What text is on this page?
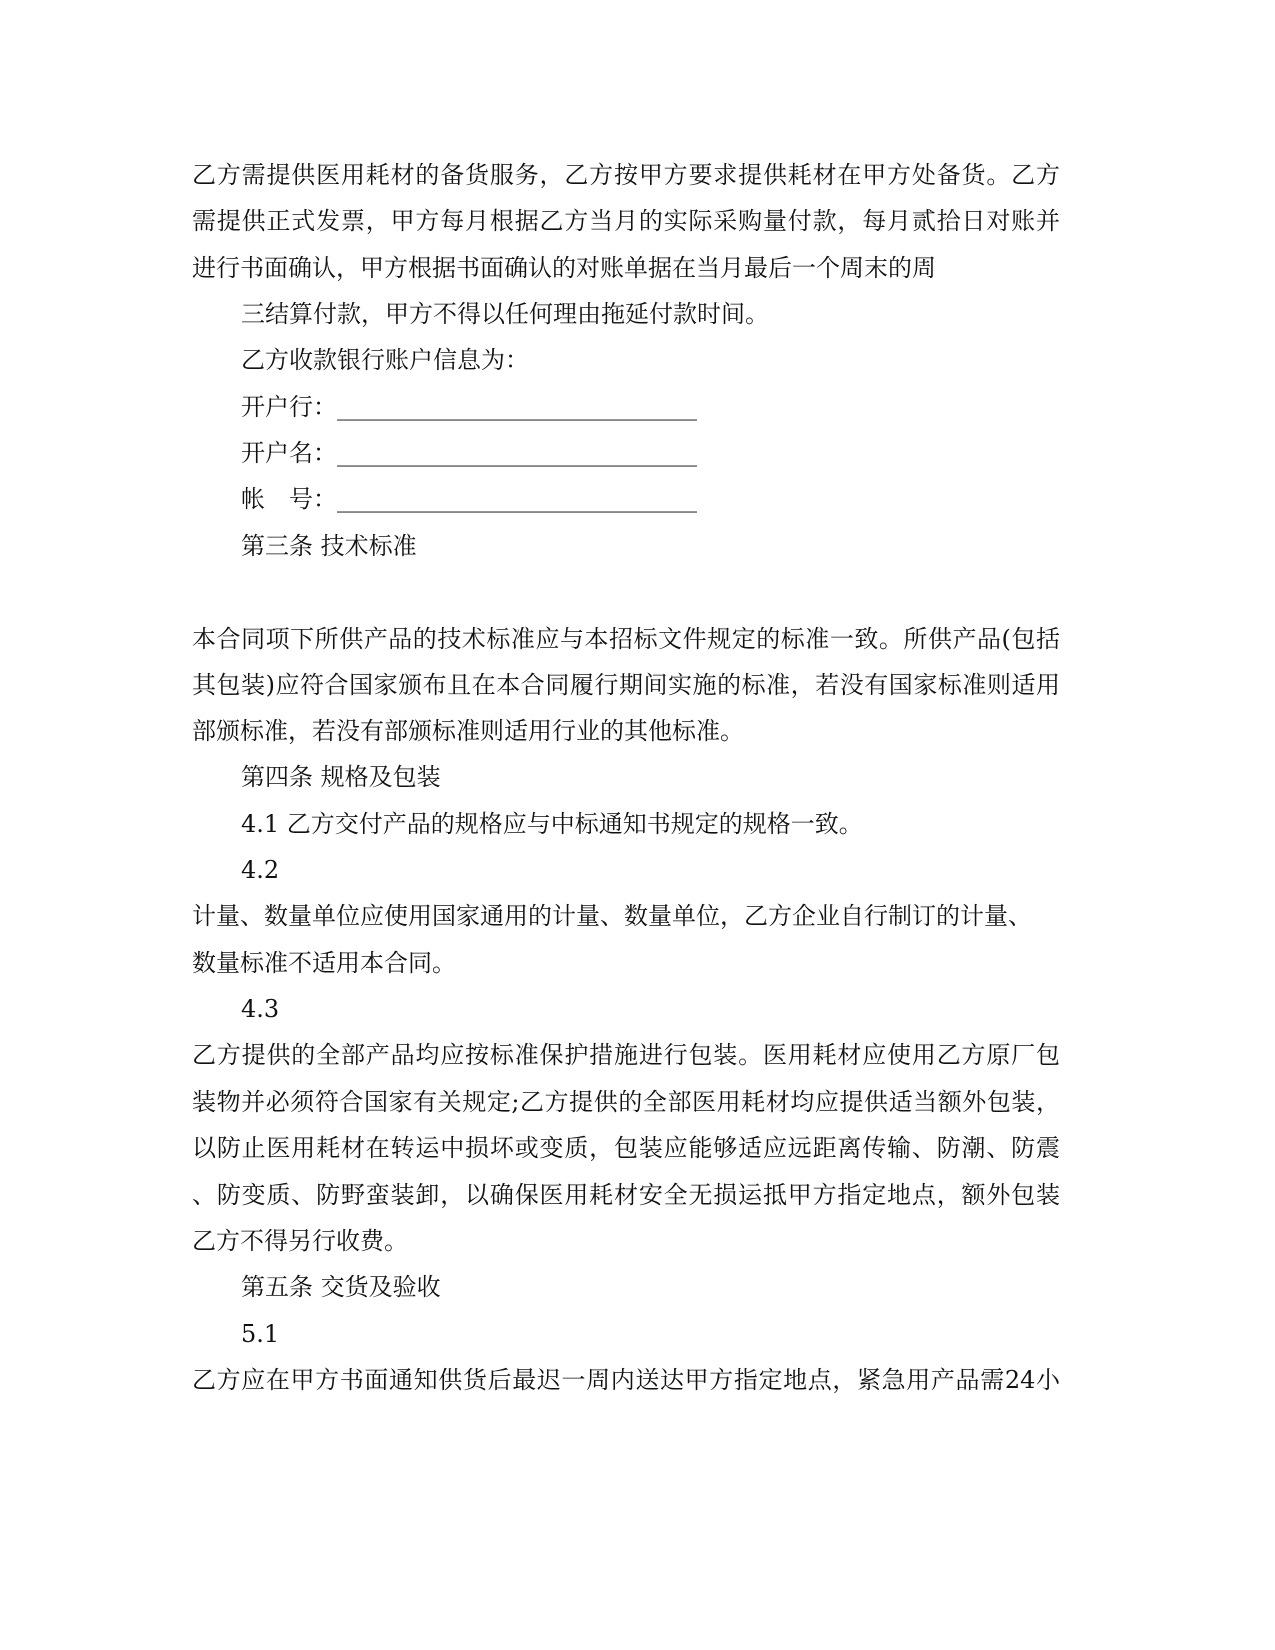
乙方需提供医用耗材的备货服务，乙方按甲方要求提供耗材在甲方处备货。乙方
需提供正式发票，甲方每月根据乙方当月的实际采购量付款，每月贰拾日对账并
进行书面确认，甲方根据书面确认的对账单据在当月最后一个周末的周
三结算付款，甲方不得以任何理由拖延付款时间。
乙方收款银行账户信息为：
开户行：______________________________
开户名：______________________________
帐　号：______________________________
第三条 技术标准
本合同项下所供产品的技术标准应与本招标文件规定的标准一致。所供产品(包括
其包装)应符合国家颁布且在本合同履行期间实施的标准，若没有国家标准则适用
部颁标准，若没有部颁标准则适用行业的其他标准。
第四条 规格及包装
4.1 乙方交付产品的规格应与中标通知书规定的规格一致。
4.2
计量、数量单位应使用国家通用的计量、数量单位，乙方企业自行制订的计量、
数量标准不适用本合同。
4.3
乙方提供的全部产品均应按标准保护措施进行包装。医用耗材应使用乙方原厂包
装物并必须符合国家有关规定;乙方提供的全部医用耗材均应提供适当额外包装，
以防止医用耗材在转运中损坏或变质，包装应能够适应远距离传输、防潮、防震
、防变质、防野蛮装卸，以确保医用耗材安全无损运抵甲方指定地点，额外包装
乙方不得另行收费。
第五条 交货及验收
5.1
乙方应在甲方书面通知供货后最迟一周内送达甲方指定地点，紧急用产品需24小
